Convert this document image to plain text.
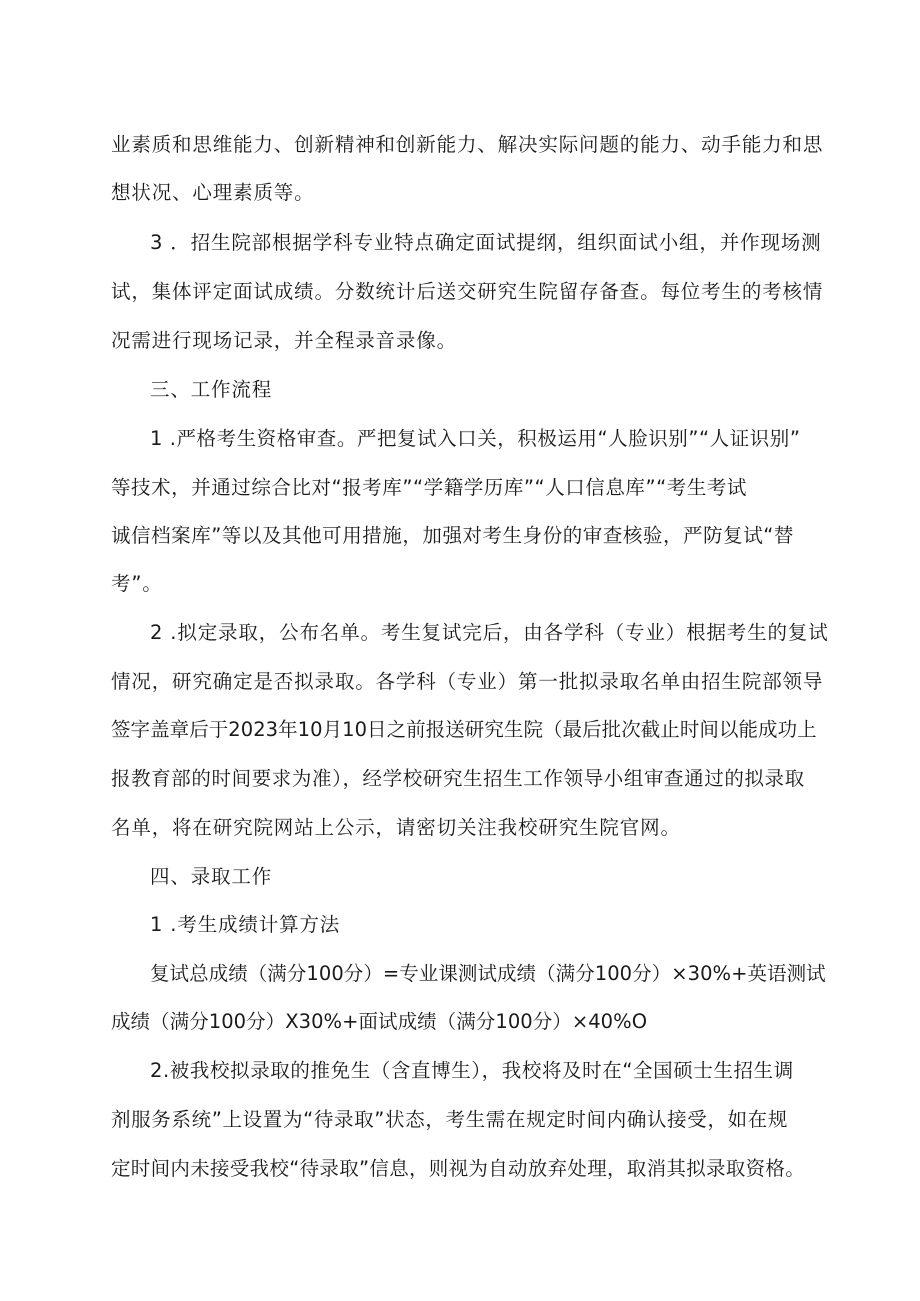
业素质和思维能力、创新精神和创新能力、解决实际问题的能力、动手能力和思
想状况、心理素质等。
3 ．招生院部根据学科专业特点确定面试提纲，组织面试小组，并作现场测
试，集体评定面试成绩。分数统计后送交研究生院留存备查。每位考生的考核情
况需进行现场记录，并全程录音录像。
三、工作流程
1 .严格考生资格审查。严把复试入口关，积极运用“人脸识别”“人证识别”
等技术，并通过综合比对“报考库”“学籍学历库”“人口信息库”“考生考试
诚信档案库”等以及其他可用措施，加强对考生身份的审查核验，严防复试“替
考”。
2 .拟定录取，公布名单。考生复试完后，由各学科（专业）根据考生的复试
情况，研究确定是否拟录取。各学科（专业）第一批拟录取名单由招生院部领导
签字盖章后于2023年10月10日之前报送研究生院（最后批次截止时间以能成功上
报教育部的时间要求为准），经学校研究生招生工作领导小组审查通过的拟录取
名单，将在研究院网站上公示，请密切关注我校研究生院官网。
四、录取工作
1 .考生成绩计算方法
复试总成绩（满分100分）=专业课测试成绩（满分100分）×30%+英语测试
成绩（满分100分）X30%+面试成绩（满分100分）×40%O
2.被我校拟录取的推免生（含直博生），我校将及时在“全国硕士生招生调
剂服务系统”上设置为“待录取”状态，考生需在规定时间内确认接受，如在规
定时间内未接受我校“待录取”信息，则视为自动放弃处理，取消其拟录取资格。
